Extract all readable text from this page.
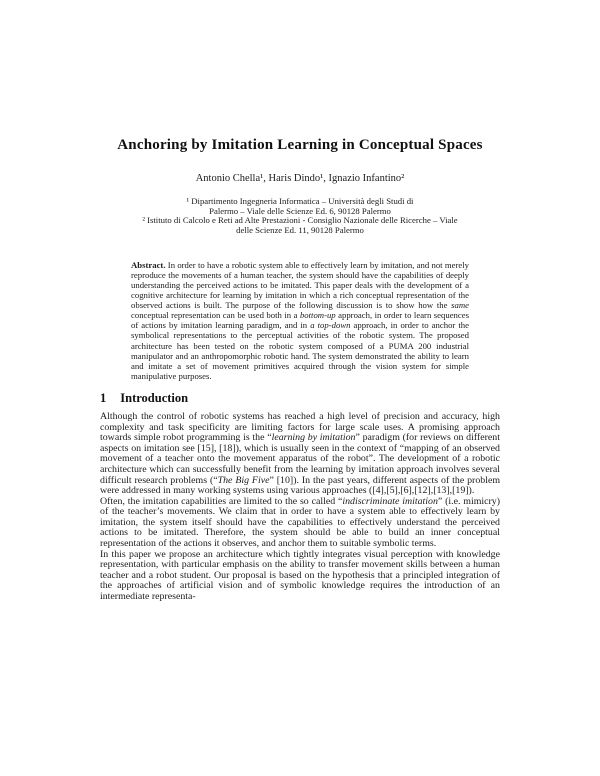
Anchoring by Imitation Learning in Conceptual Spaces
Antonio Chella¹, Haris Dindo¹, Ignazio Infantino²
¹ Dipartimento Ingegneria Informatica – Università degli Studi di
Palermo – Viale delle Scienze Ed. 6, 90128 Palermo
² Istituto di Calcolo e Reti ad Alte Prestazioni - Consiglio Nazionale delle Ricerche – Viale
delle Scienze Ed. 11, 90128 Palermo

Abstract. In order to have a robotic system able to effectively learn by imitation, and not merely reproduce the movements of a human teacher, the system should have the capabilities of deeply understanding the perceived actions to be imitated. This paper deals with the development of a cognitive architecture for learning by imitation in which a rich conceptual representation of the observed actions is built. The purpose of the following discussion is to show how the same conceptual representation can be used both in a bottom-up approach, in order to learn sequences of actions by imitation learning paradigm, and in a top-down approach, in order to anchor the symbolical representations to the perceptual activities of the robotic system. The proposed architecture has been tested on the robotic system composed of a PUMA 200 industrial manipulator and an anthropomorphic robotic hand. The system demonstrated the ability to learn and imitate a set of movement primitives acquired through the vision system for simple manipulative purposes.

1 Introduction

Although the control of robotic systems has reached a high level of precision and accuracy, high complexity and task specificity are limiting factors for large scale uses. A promising approach towards simple robot programming is the “learning by imitation” paradigm (for reviews on different aspects on imitation see [15], [18]), which is usually seen in the context of “mapping of an observed movement of a teacher onto the movement apparatus of the robot”. The development of a robotic architecture which can successfully benefit from the learning by imitation approach involves several difficult research problems (“The Big Five” [10]). In the past years, different aspects of the problem were addressed in many working systems using various approaches ([4],[5],[6],[12],[13],[19]).

Often, the imitation capabilities are limited to the so called “indiscriminate imitation” (i.e. mimicry) of the teacher’s movements. We claim that in order to have a system able to effectively learn by imitation, the system itself should have the capabilities to effectively understand the perceived actions to be imitated. Therefore, the system should be able to build an inner conceptual representation of the actions it observes, and anchor them to suitable symbolic terms.

In this paper we propose an architecture which tightly integrates visual perception with knowledge representation, with particular emphasis on the ability to transfer movement skills between a human teacher and a robot student. Our proposal is based on the hypothesis that a principled integration of the approaches of artificial vision and of symbolic knowledge requires the introduction of an intermediate representa-
